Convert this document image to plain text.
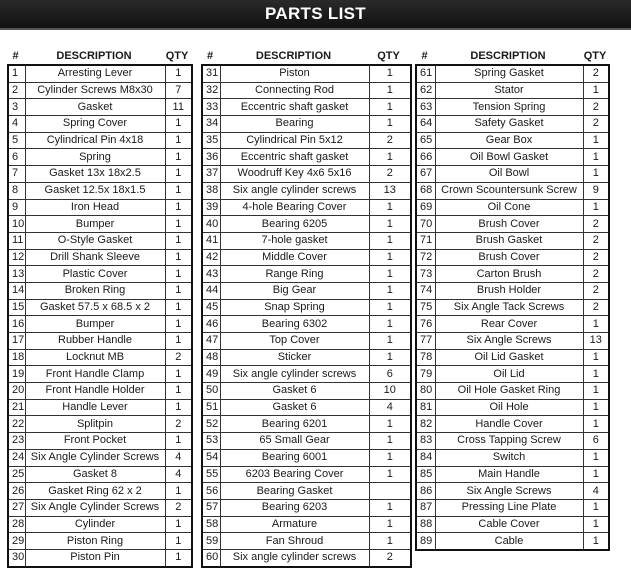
PARTS LIST
#	DESCRIPTION	QTY
1	Arresting Lever	1
2	Cylinder Screws M8x30	7
3	Gasket	11
4	Spring Cover	1
5	Cylindrical Pin 4x18	1
6	Spring	1
7	Gasket 13x 18x2.5	1
8	Gasket 12.5x 18x1.5	1
9	Iron Head	1
10	Bumper	1
11	O-Style Gasket	1
12	Drill Shank Sleeve	1
13	Plastic Cover	1
14	Broken Ring	1
15	Gasket 57.5 x 68.5 x 2	1
16	Bumper	1
17	Rubber Handle	1
18	Locknut MB	2
19	Front Handle Clamp	1
20	Front Handle Holder	1
21	Handle Lever	1
22	Splitpin	2
23	Front Pocket	1
24	Six Angle Cylinder Screws	4
25	Gasket 8	4
26	Gasket Ring 62 x 2	1
27	Six Angle Cylinder Screws	2
28	Cylinder	1
29	Piston Ring	1
30	Piston Pin	1
#	DESCRIPTION	QTY
31	Piston	1
32	Connecting Rod	1
33	Eccentric shaft gasket	1
34	Bearing	1
35	Cylindrical Pin 5x12	2
36	Eccentric shaft gasket	1
37	Woodruff Key 4x6 5x16	2
38	Six angle cylinder screws	13
39	4-hole Bearing Cover	1
40	Bearing 6205	1
41	7-hole gasket	1
42	Middle Cover	1
43	Range Ring	1
44	Big Gear	1
45	Snap Spring	1
46	Bearing 6302	1
47	Top Cover	1
48	Sticker	1
49	Six angle cylinder screws	6
50	Gasket 6	10
51	Gasket 6	4
52	Bearing 6201	1
53	65 Small Gear	1
54	Bearing 6001	1
55	6203 Bearing Cover	1
56	Bearing Gasket	
57	Bearing 6203	1
58	Armature	1
59	Fan Shroud	1
60	Six angle cylinder screws	2
#	DESCRIPTION	QTY
61	Spring Gasket	2
62	Stator	1
63	Tension Spring	2
64	Safety Gasket	2
65	Gear Box	1
66	Oil Bowl Gasket	1
67	Oil Bowl	1
68	Crown Scountersunk Screw	9
69	Oil Cone	1
70	Brush Cover	2
71	Brush Gasket	2
72	Brush Cover	2
73	Carton Brush	2
74	Brush Holder	2
75	Six Angle Tack Screws	2
76	Rear Cover	1
77	Six Angle Screws	13
78	Oil Lid Gasket	1
79	Oil Lid	1
80	Oil Hole Gasket Ring	1
81	Oil Hole	1
82	Handle Cover	1
83	Cross Tapping Screw	6
84	Switch	1
85	Main Handle	1
86	Six Angle Screws	4
87	Pressing Line Plate	1
88	Cable Cover	1
89	Cable	1
